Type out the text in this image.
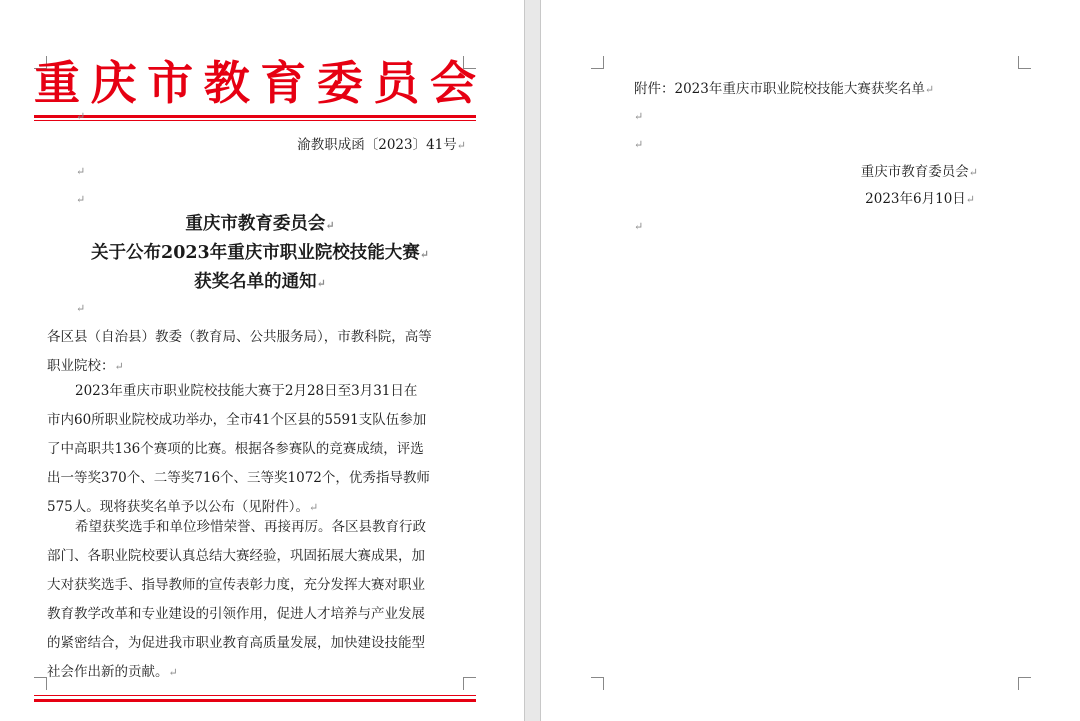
重 庆 市 教 育 委 员 会
↵
渝教职成函〔2023〕41号↵
↵
↵
重庆市教育委员会↵
关于公布2023年重庆市职业院校技能大赛↵
获奖名单的通知↵
↵
各区县（自治县）教委（教育局、公共服务局），市教科院，高等
职业院校：↵
2023年重庆市职业院校技能大赛于2月28日至3月31日在
市内60所职业院校成功举办，全市41个区县的5591支队伍参加
了中高职共136个赛项的比赛。根据各参赛队的竞赛成绩，评选
出一等奖370个、二等奖716个、三等奖1072个，优秀指导教师
575人。现将获奖名单予以公布（见附件）。↵
希望获奖选手和单位珍惜荣誉、再接再厉。各区县教育行政
部门、各职业院校要认真总结大赛经验，巩固拓展大赛成果，加
大对获奖选手、指导教师的宣传表彰力度，充分发挥大赛对职业
教育教学改革和专业建设的引领作用，促进人才培养与产业发展
的紧密结合，为促进我市职业教育高质量发展，加快建设技能型
社会作出新的贡献。↵
附件：2023年重庆市职业院校技能大赛获奖名单↵
↵
↵
重庆市教育委员会↵
2023年6月10日↵
↵
